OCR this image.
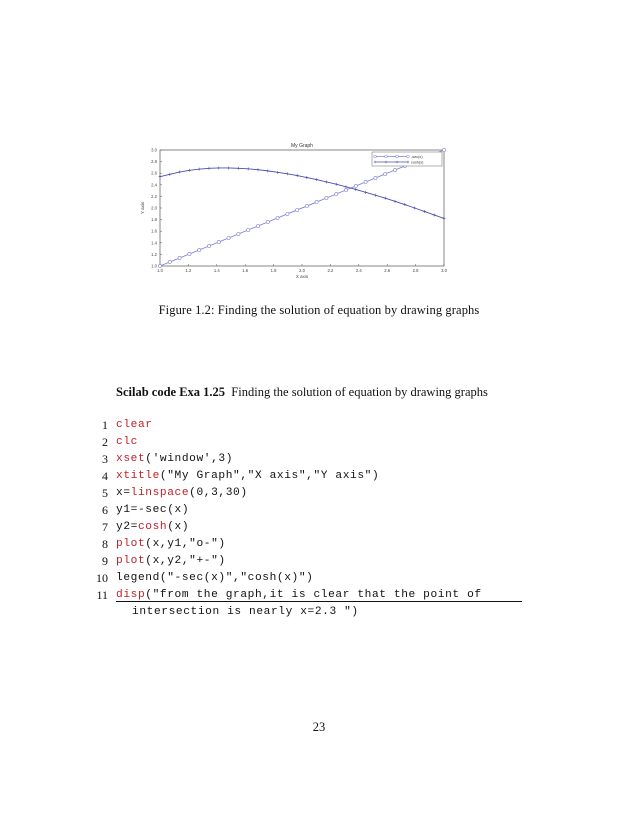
My Graph
1.0	1.2	1.4	1.6	1.8	2.0	2.2	2.4	2.6	2.8	3.0
1.0
1.2
1.4
1.6
1.8
2.0
2.2
2.4
2.6
2.8
3.0
X axis
Y axis
-sec(x)
cosh(x)
Figure 1.2: Finding the solution of equation by drawing graphs
Scilab code Exa 1.25 Finding the solution of equation by drawing graphs
1 clear
2 clc
3 xset('window',3)
4 xtitle("My Graph","X axis","Y axis")
5 x=linspace(0,3,30)
6 y1=-sec(x)
7 y2=cosh(x)
8 plot(x,y1,"o-")
9 plot(x,y2,"+-")
10 legend("-sec(x)","cosh(x)")
11 disp("from the graph,it is clear that the point of
intersection is nearly x=2.3 ")
23
